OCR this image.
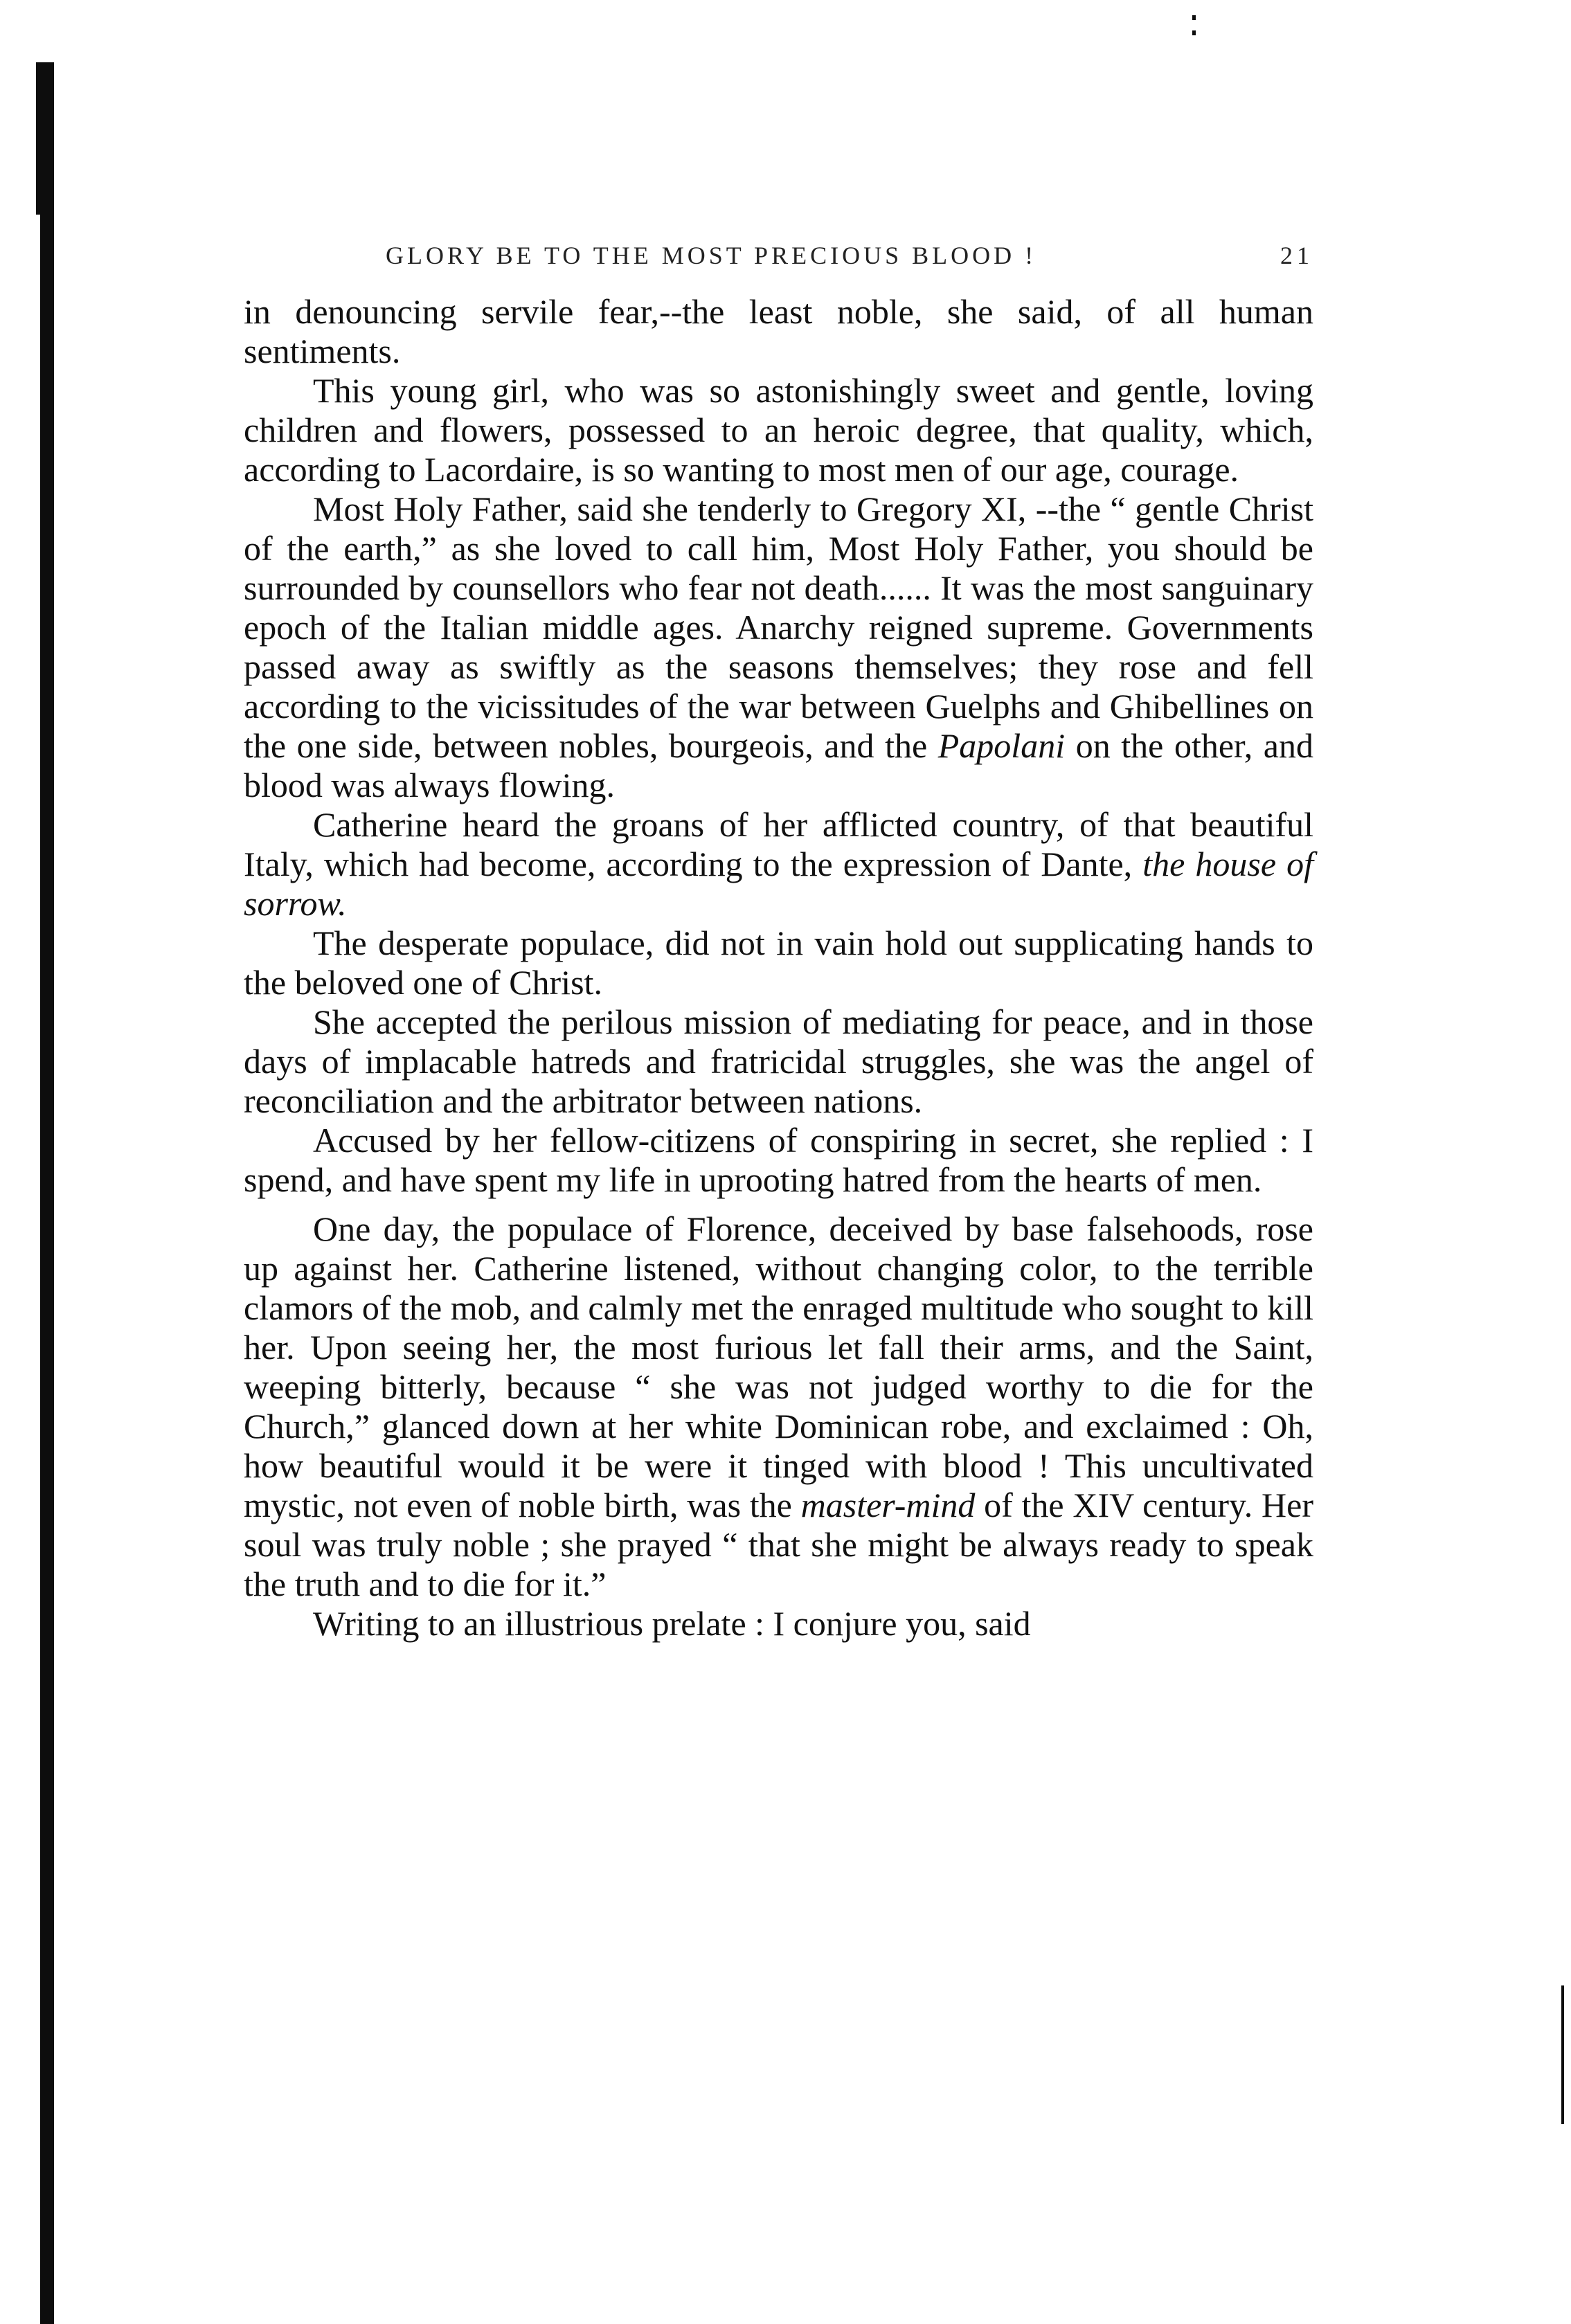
GLORY BE TO THE MOST PRECIOUS BLOOD !	21

in denouncing servile fear,--the least noble, she said, of all human sentiments.

This young girl, who was so astonishingly sweet and gentle, loving children and flowers, possessed to an heroic degree, that quality, which, according to Lacordaire, is so wanting to most men of our age, courage.

Most Holy Father, said she tenderly to Gregory XI, --the “ gentle Christ of the earth,” as she loved to call him, Most Holy Father, you should be surrounded by counsellors who fear not death...... It was the most sanguinary epoch of the Italian middle ages. Anarchy reigned supreme. Governments passed away as swiftly as the seasons themselves; they rose and fell according to the vicissitudes of the war between Guelphs and Ghibellines on the one side, between nobles, bourgeois, and the Papolani on the other, and blood was always flowing.

Catherine heard the groans of her afflicted country, of that beautiful Italy, which had become, according to the expression of Dante, the house of sorrow.

The desperate populace, did not in vain hold out supplicating hands to the beloved one of Christ.

She accepted the perilous mission of mediating for peace, and in those days of implacable hatreds and fratricidal struggles, she was the angel of reconciliation and the arbitrator between nations.

Accused by her fellow-citizens of conspiring in secret, she replied : I spend, and have spent my life in uprooting hatred from the hearts of men.

One day, the populace of Florence, deceived by base falsehoods, rose up against her. Catherine listened, without changing color, to the terrible clamors of the mob, and calmly met the enraged multitude who sought to kill her. Upon seeing her, the most furious let fall their arms, and the Saint, weeping bitterly, because “ she was not judged worthy to die for the Church,” glanced down at her white Dominican robe, and exclaimed : Oh, how beautiful would it be were it tinged with blood ! This uncultivated mystic, not even of noble birth, was the master-mind of the XIV century. Her soul was truly noble ; she prayed “ that she might be always ready to speak the truth and to die for it.”

Writing to an illustrious prelate : I conjure you, said
